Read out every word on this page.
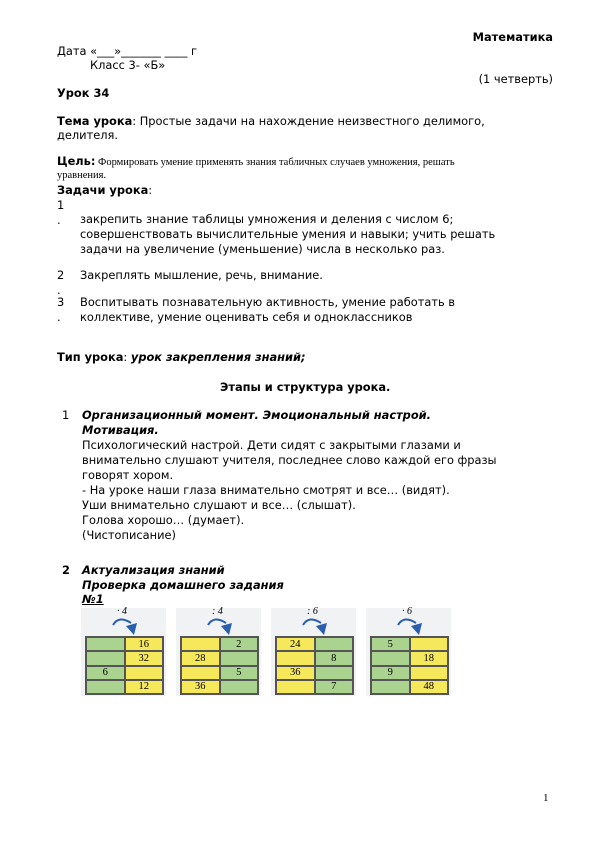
Математика
Дата «___»_______ ____ г
Класс 3- «Б»
(1 четверть)
Урок 34
Тема урока: Простые задачи на нахождение неизвестного делимого,
делителя.
Цель: Формировать умение применять знания табличных случаев умножения, решать
уравнения.
Задачи урока:
1
. закрепить знание таблицы умножения и деления с числом 6;
совершенствовать вычислительные умения и навыки; учить решать
задачи на увеличение (уменьшение) числа в несколько раз.
2
.
Закреплять мышление, речь, внимание.
3
.
Воспитывать познавательную активность, умение работать в
коллективе, умение оценивать себя и одноклассников
Тип урока: урок закрепления знаний;
Этапы и структура урока.
1 Организационный момент. Эмоциональный настрой.
Мотивация.
Психологический настрой. Дети сидят с закрытыми глазами и
внимательно слушают учителя, последнее слово каждой его фразы
говорят хором.
- На уроке наши глаза внимательно смотрят и все… (видят).
Уши внимательно слушают и все… (слышат).
Голова хорошо… (думает).
(Чистописание)
2 Актуализация знаний
Проверка домашнего задания
№1
· 4
16
32
6
12
: 4
2
28
5
36
: 6
24
8
36
7
· 6
5
18
9
48
1
